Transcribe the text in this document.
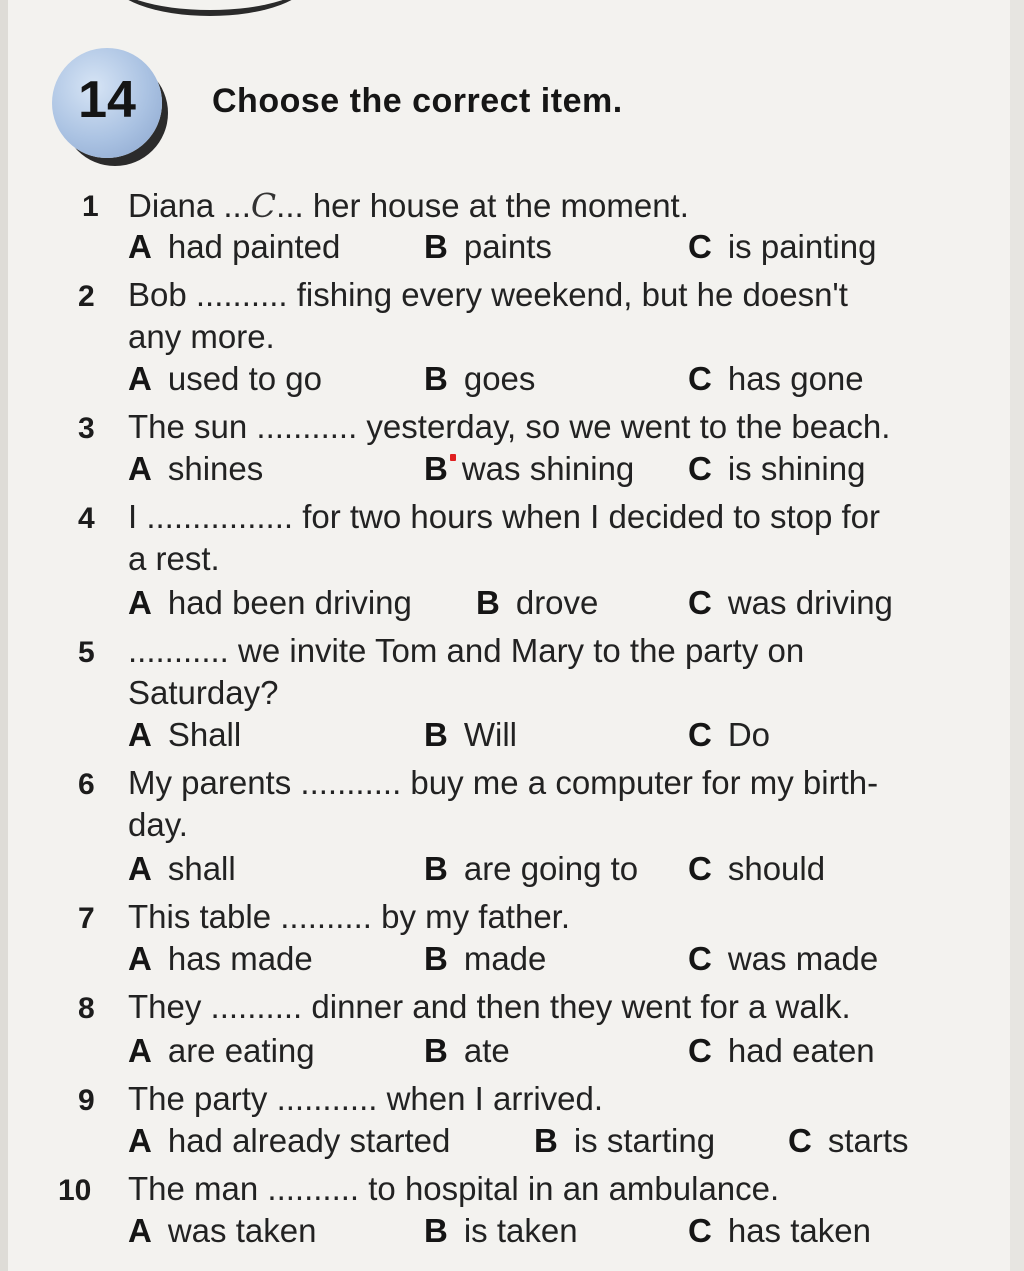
14	Choose the correct item.
1 Diana ...C... her house at the moment.
A had painted	B paints	C is painting
2 Bob .......... fishing every weekend, but he doesn't
any more.
A used to go	B goes	C has gone
3 The sun ........... yesterday, so we went to the beach.
A shines	B was shining C is shining
4 I ................ for two hours when I decided to stop for
a rest.
A had been driving B drove	C was driving
5 ........... we invite Tom and Mary to the party on
Saturday?
A Shall	B Will	C Do
6 My parents ........... buy me a computer for my birth-
day.
A shall	B are going to C should
7 This table .......... by my father.
A has made	B made	C was made
8 They .......... dinner and then they went for a walk.
A are eating	B ate	C had eaten
9 The party ........... when I arrived.
A had already started	B is starting C starts
10 The man .......... to hospital in an ambulance.
A was taken	B is taken	C has taken
